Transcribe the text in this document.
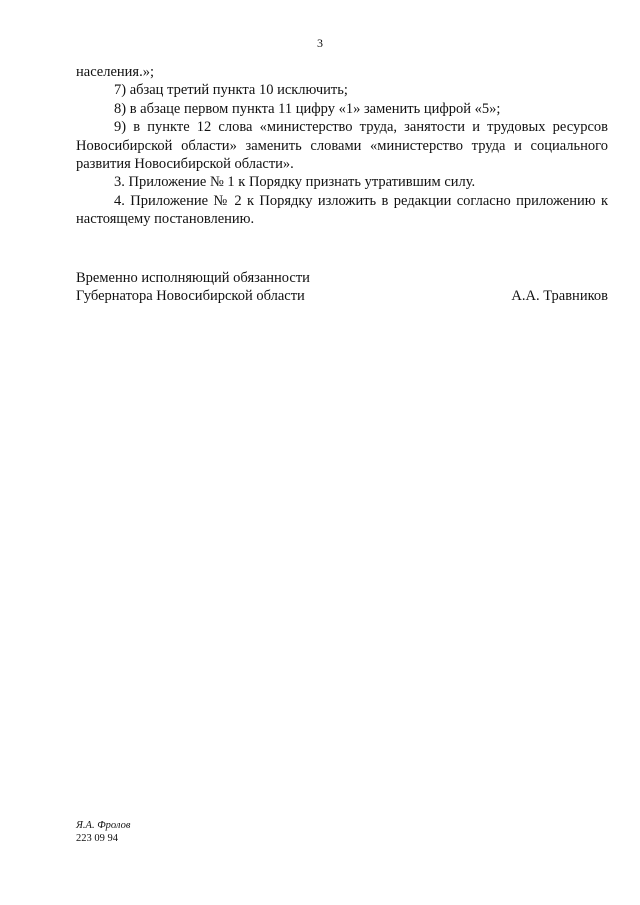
3

населения.»;

7) абзац третий пункта 10 исключить;

8) в абзаце первом пункта 11 цифру «1» заменить цифрой «5»;

9) в пункте 12 слова «министерство труда, занятости и трудовых ресурсов Новосибирской области» заменить словами «министерство труда и социального развития Новосибирской области».

3. Приложение № 1 к Порядку признать утратившим силу.

4. Приложение № 2 к Порядку изложить в редакции согласно приложению к настоящему постановлению.

Временно исполняющий обязанности
Губернатора Новосибирской области	А.А. Травников
Я.А. Фролов
223 09 94
